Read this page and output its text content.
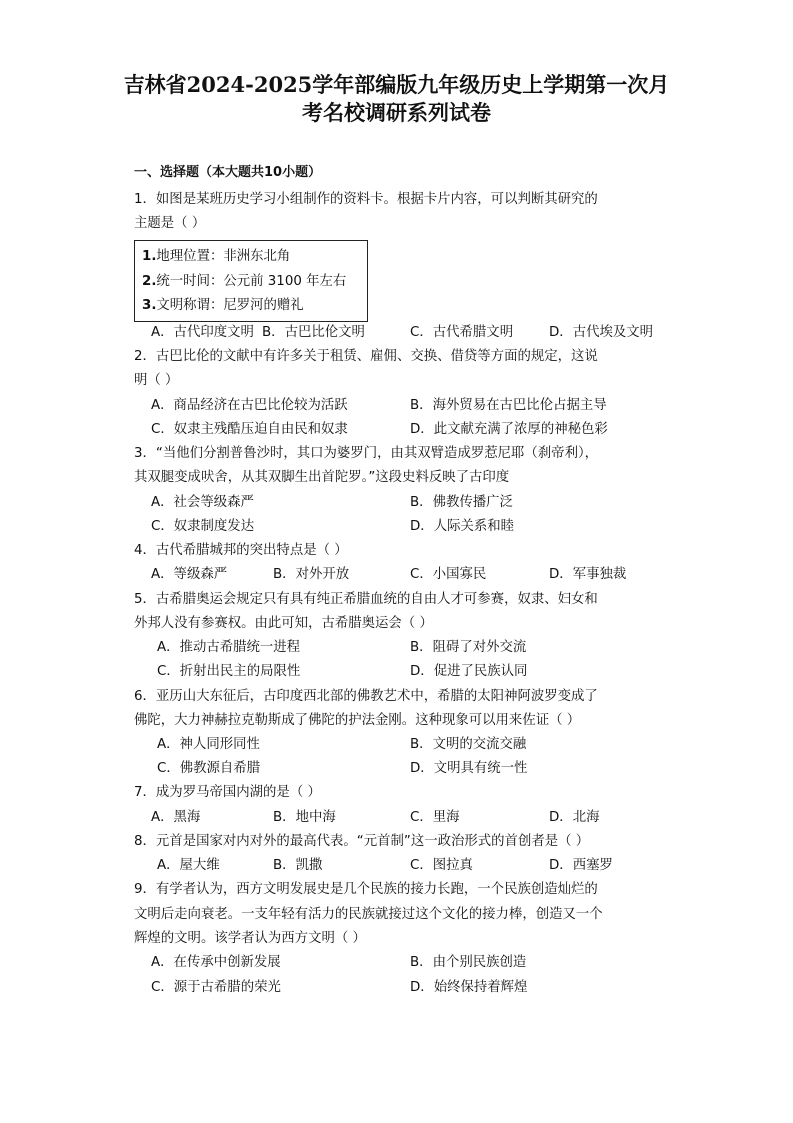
吉林省2024-2025学年部编版九年级历史上学期第一次月
考名校调研系列试卷
一、选择题（本大题共10小题）
1．如图是某班历史学习小组制作的资料卡。根据卡片内容，可以判断其研究的
主题是（ ）
1.地理位置：非洲东北角
2.统一时间：公元前 3100 年左右
3.文明称谓：尼罗河的赠礼
A．古代印度文明 B．古巴比伦文明	C．古代希腊文明	D．古代埃及文明
2．古巴比伦的文献中有许多关于租赁、雇佣、交换、借贷等方面的规定，这说
明（ ）
A．商品经济在古巴比伦较为活跃	B．海外贸易在古巴比伦占据主导
C．奴隶主残酷压迫自由民和奴隶	D．此文献充满了浓厚的神秘色彩
3．“当他们分割普鲁沙时，其口为婆罗门，由其双臂造成罗惹尼耶（刹帝利），
其双腿变成吠舍，从其双脚生出首陀罗。”这段史料反映了古印度
A．社会等级森严	B．佛教传播广泛
C．奴隶制度发达	D．人际关系和睦
4．古代希腊城邦的突出特点是（ ）
A．等级森严	B．对外开放	C．小国寡民	D．军事独裁
5．古希腊奥运会规定只有具有纯正希腊血统的自由人才可参赛，奴隶、妇女和
外邦人没有参赛权。由此可知，古希腊奥运会（ ）
A．推动古希腊统一进程	B．阻碍了对外交流
C．折射出民主的局限性	D．促进了民族认同
6．亚历山大东征后，古印度西北部的佛教艺术中，希腊的太阳神阿波罗变成了
佛陀，大力神赫拉克勒斯成了佛陀的护法金刚。这种现象可以用来佐证（ ）
A．神人同形同性	B．文明的交流交融
C．佛教源自希腊	D．文明具有统一性
7．成为罗马帝国内湖的是（ ）
A．黑海	B．地中海	C．里海	D．北海
8．元首是国家对内对外的最高代表。“元首制”这一政治形式的首创者是（ ）
A．屋大维	B．凯撒	C．图拉真	D．西塞罗
9．有学者认为，西方文明发展史是几个民族的接力长跑，一个民族创造灿烂的
文明后走向衰老。一支年轻有活力的民族就接过这个文化的接力棒，创造又一个
辉煌的文明。该学者认为西方文明（ ）
A．在传承中创新发展	B．由个别民族创造
C．源于古希腊的荣光	D．始终保持着辉煌
